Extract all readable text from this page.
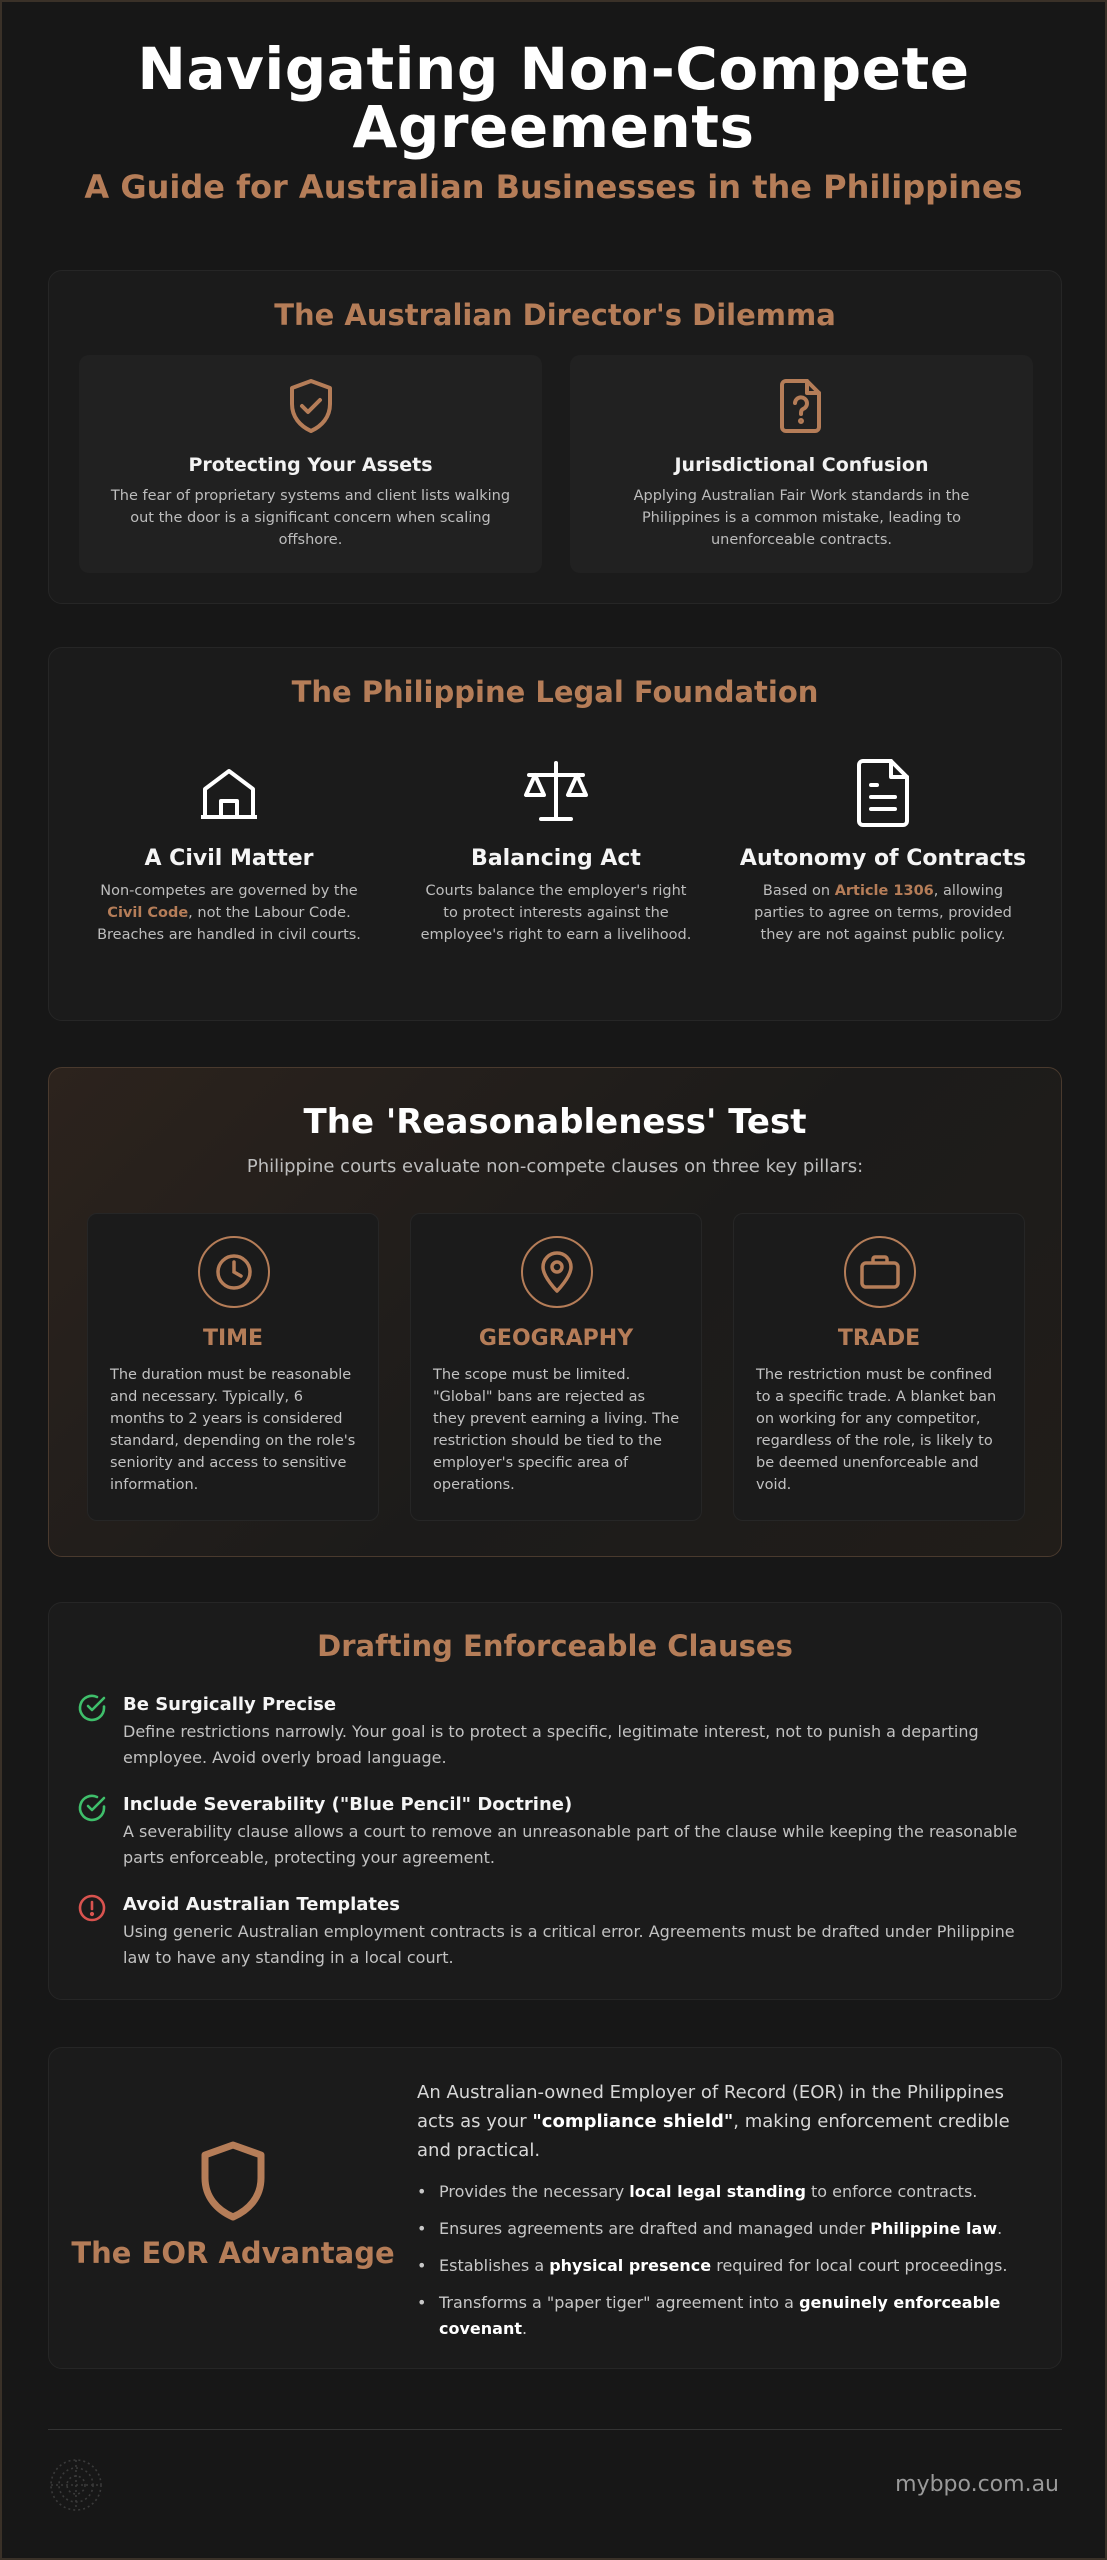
Navigating Non-Compete Agreements
A Guide for Australian Businesses in the Philippines
The Australian Director's Dilemma
Protecting Your Assets
The fear of proprietary systems and client lists walking out the door is a significant concern when scaling offshore.
Jurisdictional Confusion
Applying Australian Fair Work standards in the Philippines is a common mistake, leading to unenforceable contracts.
The Philippine Legal Foundation
A Civil Matter
Non-competes are governed by the Civil Code, not the Labour Code. Breaches are handled in civil courts.
Balancing Act
Courts balance the employer's right to protect interests against the employee's right to earn a livelihood.
Autonomy of Contracts
Based on Article 1306, allowing parties to agree on terms, provided they are not against public policy.
The 'Reasonableness' Test
Philippine courts evaluate non-compete clauses on three key pillars:
TIME
The duration must be reasonable and necessary. Typically, 6 months to 2 years is considered standard, depending on the role's seniority and access to sensitive information.
GEOGRAPHY
The scope must be limited. "Global" bans are rejected as they prevent earning a living. The restriction should be tied to the employer's specific area of operations.
TRADE
The restriction must be confined to a specific trade. A blanket ban on working for any competitor, regardless of the role, is likely to be deemed unenforceable and void.
Drafting Enforceable Clauses
Be Surgically Precise
Define restrictions narrowly. Your goal is to protect a specific, legitimate interest, not to punish a departing employee. Avoid overly broad language.
Include Severability ("Blue Pencil" Doctrine)
A severability clause allows a court to remove an unreasonable part of the clause while keeping the reasonable parts enforceable, protecting your agreement.
Avoid Australian Templates
Using generic Australian employment contracts is a critical error. Agreements must be drafted under Philippine law to have any standing in a local court.
The EOR Advantage

An Australian-owned Employer of Record (EOR) in the Philippines acts as your "compliance shield", making enforcement credible and practical.

• Provides the necessary local legal standing to enforce contracts.
• Ensures agreements are drafted and managed under Philippine law.
• Establishes a physical presence required for local court proceedings.
• Transforms a "paper tiger" agreement into a genuinely enforceable covenant.
mybpo.com.au
